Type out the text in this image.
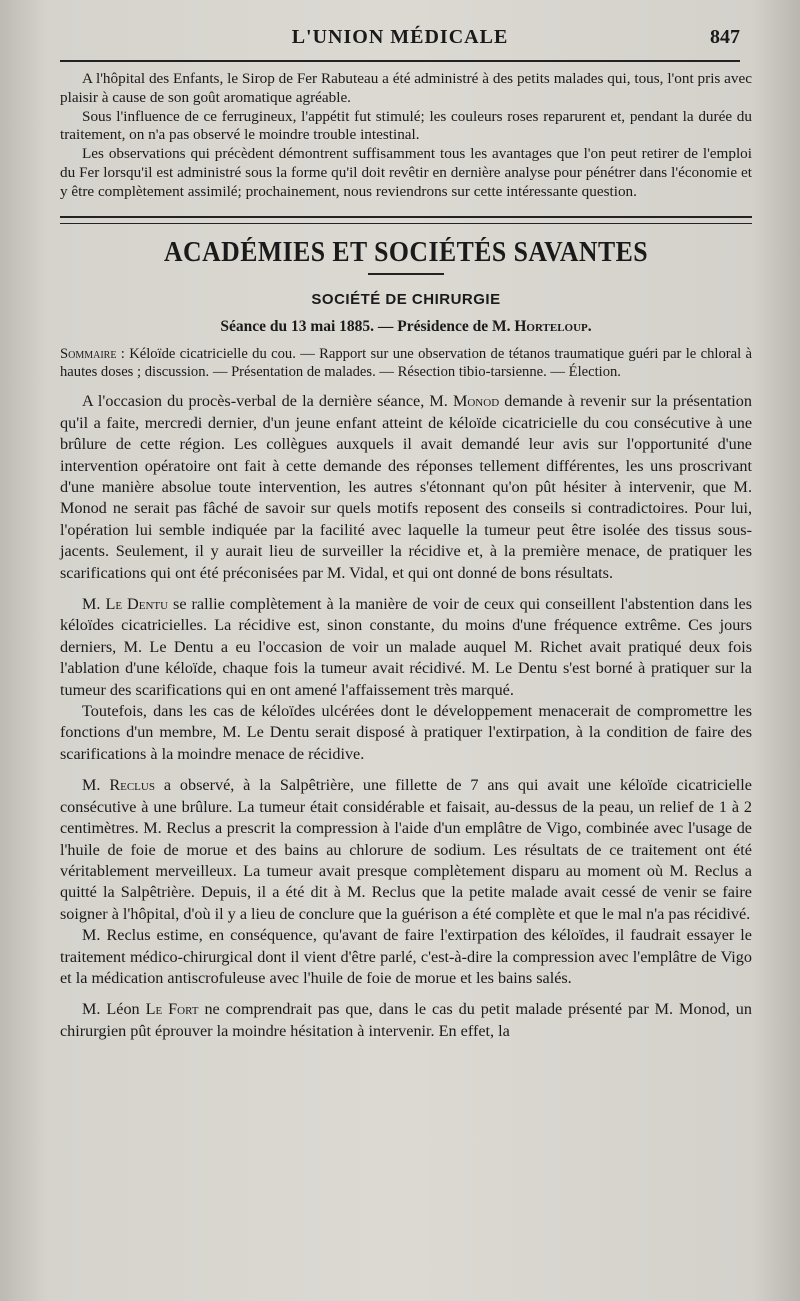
L'UNION MÉDICALE	847

A l'hôpital des Enfants, le Sirop de Fer Rabuteau a été administré à des petits malades qui, tous, l'ont pris avec plaisir à cause de son goût aromatique agréable.

Sous l'influence de ce ferrugineux, l'appétit fut stimulé; les couleurs roses reparurent et, pendant la durée du traitement, on n'a pas observé le moindre trouble intestinal.

Les observations qui précèdent démontrent suffisamment tous les avantages que l'on peut retirer de l'emploi du Fer lorsqu'il est administré sous la forme qu'il doit revêtir en dernière analyse pour pénétrer dans l'économie et y être complètement assimilé; prochainement, nous reviendrons sur cette intéressante question.

ACADÉMIES ET SOCIÉTÉS SAVANTES
SOCIÉTÉ DE CHIRURGIE
Séance du 13 mai 1885. — Présidence de M. Horteloup.
Sommaire : Kéloïde cicatricielle du cou. — Rapport sur une observation de tétanos traumatique guéri par le chloral à hautes doses ; discussion. — Présentation de malades. — Résection tibio-tarsienne. — Élection.

A l'occasion du procès-verbal de la dernière séance, M. Monod demande à revenir sur la présentation qu'il a faite, mercredi dernier, d'un jeune enfant atteint de kéloïde cicatricielle du cou consécutive à une brûlure de cette région. Les collègues auxquels il avait demandé leur avis sur l'opportunité d'une intervention opératoire ont fait à cette demande des réponses tellement différentes, les uns proscrivant d'une manière absolue toute intervention, les autres s'étonnant qu'on pût hésiter à intervenir, que M. Monod ne serait pas fâché de savoir sur quels motifs reposent des conseils si contradictoires. Pour lui, l'opération lui semble indiquée par la facilité avec laquelle la tumeur peut être isolée des tissus sous-jacents. Seulement, il y aurait lieu de surveiller la récidive et, à la première menace, de pratiquer les scarifications qui ont été préconisées par M. Vidal, et qui ont donné de bons résultats.

M. Le Dentu se rallie complètement à la manière de voir de ceux qui conseillent l'abstention dans les kéloïdes cicatricielles. La récidive est, sinon constante, du moins d'une fréquence extrême. Ces jours derniers, M. Le Dentu a eu l'occasion de voir un malade auquel M. Richet avait pratiqué deux fois l'ablation d'une kéloïde, chaque fois la tumeur avait récidivé. M. Le Dentu s'est borné à pratiquer sur la tumeur des scarifications qui en ont amené l'affaissement très marqué.

Toutefois, dans les cas de kéloïdes ulcérées dont le développement menacerait de compromettre les fonctions d'un membre, M. Le Dentu serait disposé à pratiquer l'extirpation, à la condition de faire des scarifications à la moindre menace de récidive.

M. Reclus a observé, à la Salpêtrière, une fillette de 7 ans qui avait une kéloïde cicatricielle consécutive à une brûlure. La tumeur était considérable et faisait, au-dessus de la peau, un relief de 1 à 2 centimètres. M. Reclus a prescrit la compression à l'aide d'un emplâtre de Vigo, combinée avec l'usage de l'huile de foie de morue et des bains au chlorure de sodium. Les résultats de ce traitement ont été véritablement merveilleux. La tumeur avait presque complètement disparu au moment où M. Reclus a quitté la Salpêtrière. Depuis, il a été dit à M. Reclus que la petite malade avait cessé de venir se faire soigner à l'hôpital, d'où il y a lieu de conclure que la guérison a été complète et que le mal n'a pas récidivé.

M. Reclus estime, en conséquence, qu'avant de faire l'extirpation des kéloïdes, il faudrait essayer le traitement médico-chirurgical dont il vient d'être parlé, c'est-à-dire la compression avec l'emplâtre de Vigo et la médication antiscrofuleuse avec l'huile de foie de morue et les bains salés.

M. Léon Le Fort ne comprendrait pas que, dans le cas du petit malade présenté par M. Monod, un chirurgien pût éprouver la moindre hésitation à intervenir. En effet, la
